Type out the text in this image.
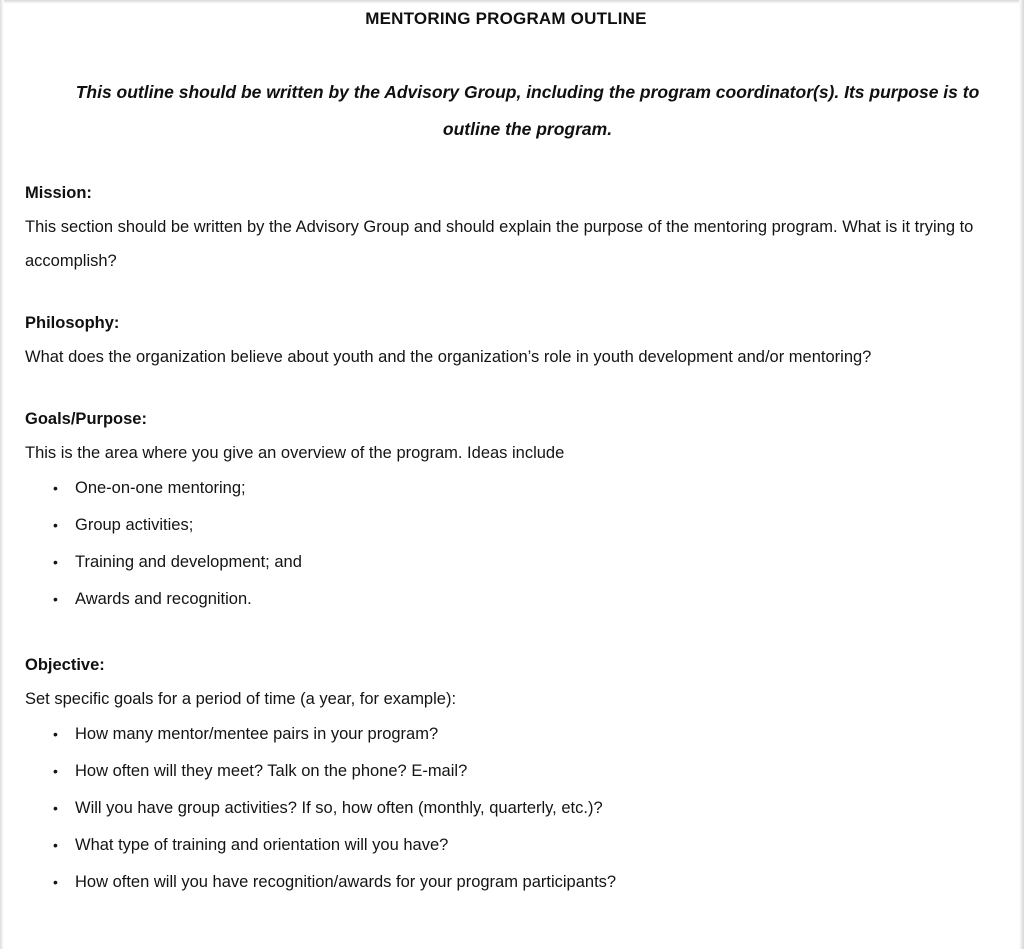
MENTORING PROGRAM OUTLINE

This outline should be written by the Advisory Group, including the program coordinator(s). Its purpose is to outline the program.

Mission:

This section should be written by the Advisory Group and should explain the purpose of the mentoring program. What is it trying to accomplish?

Philosophy:

What does the organization believe about youth and the organization’s role in youth development and/or mentoring?

Goals/Purpose:

This is the area where you give an overview of the program. Ideas include

• One-on-one mentoring;
• Group activities;
• Training and development; and
• Awards and recognition.
Objective:

Set specific goals for a period of time (a year, for example):

• How many mentor/mentee pairs in your program?
• How often will they meet? Talk on the phone? E-mail?
• Will you have group activities? If so, how often (monthly, quarterly, etc.)?
• What type of training and orientation will you have?
• How often will you have recognition/awards for your program participants?
